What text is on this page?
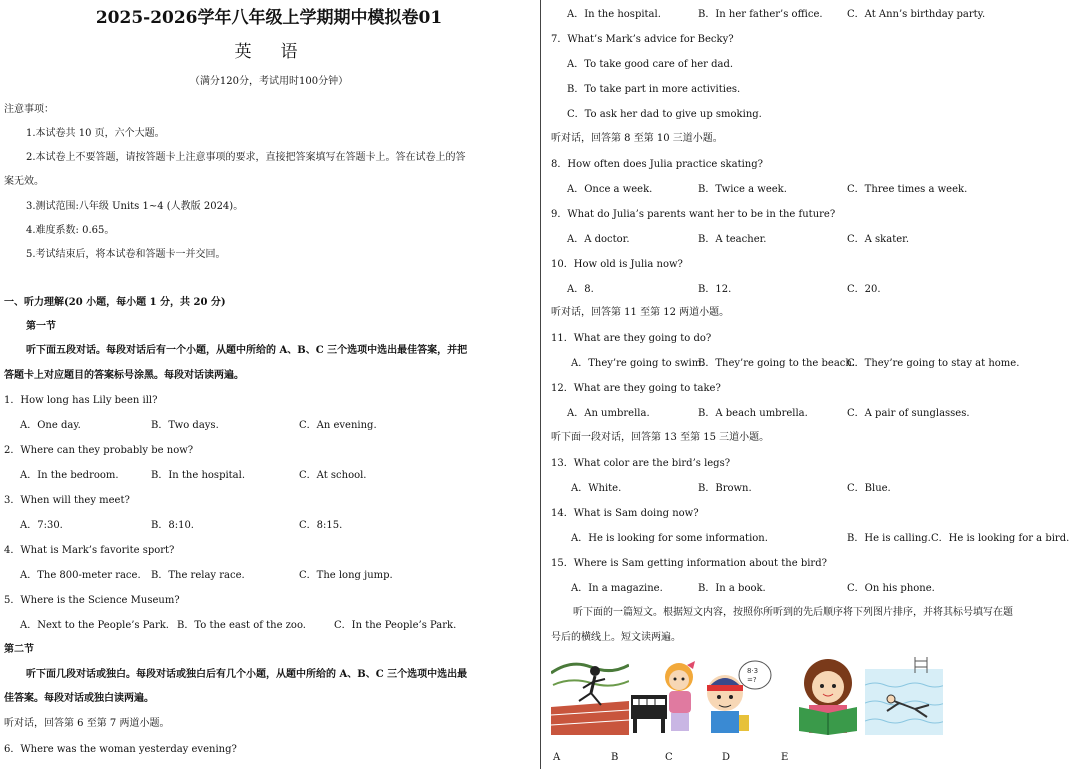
2025-2026学年八年级上学期期中模拟卷01
英　语
（满分120分，考试用时100分钟）
注意事项：
1.本试卷共 10 页，六个大题。
2.本试卷上不要答题，请按答题卡上注意事项的要求，直接把答案填写在答题卡上。答在试卷上的答
案无效。
3.测试范围:八年级 Units 1~4 (人教版 2024)。
4.难度系数: 0.65。
5.考试结束后，将本试卷和答题卡一并交回。
一、听力理解(20 小题，每小题 1 分，共 20 分)
第一节
听下面五段对话。每段对话后有一个小题，从题中所给的 A、B、C 三个选项中选出最佳答案，并把
答题卡上对应题目的答案标号涂黑。每段对话读两遍。
1．How long has Lily been ill?
A．One day.	B．Two days.	C．An evening.
2．Where can they probably be now?
A．In the bedroom.	B．In the hospital.	C．At school.
3．When will they meet?
A．7:30.	B．8:10.	C．8:15.
4．What is Mark’s favorite sport?
A．The 800-meter race. B．The relay race.	C．The long jump.
5．Where is the Science Museum?
A．Next to the People’s Park. B．To the east of the zoo.	C．In the People’s Park.
第二节
听下面几段对话或独白。每段对话或独白后有几个小题，从题中所给的 A、B、C 三个选项中选出最
佳答案。每段对话或独白读两遍。
听对话，回答第 6 至第 7 两道小题。
6．Where was the woman yesterday evening?
A．In the hospital.	B．In her father’s office. C．At Ann’s birthday party.
7．What’s Mark’s advice for Becky?
A．To take good care of her dad.
B．To take part in more activities.
C．To ask her dad to give up smoking.
听对话，回答第 8 至第 10 三道小题。
8．How often does Julia practice skating?
A．Once a week.	B．Twice a week.	C．Three times a week.
9．What do Julia’s parents want her to be in the future?
A．A doctor.	B．A teacher.	C．A skater.
10．How old is Julia now?
A．8.	B．12.	C．20.
听对话，回答第 11 至第 12 两道小题。
11．What are they going to do?
A．They’re going to swim.
B．They’re going to the beach.
C．They’re going to stay at home.
12．What are they going to take?
A．An umbrella.	B．A beach umbrella.	C．A pair of sunglasses.
听下面一段对话，回答第 13 至第 15 三道小题。
13．What color are the bird’s legs?
A．White.	B．Brown.	C．Blue.
14．What is Sam doing now?
A．He is looking for some information.	B．He is calling. C．He is looking for a bird.
15．Where is Sam getting information about the bird?
A．In a magazine.	B．In a book.	C．On his phone.
听下面的一篇短文。根据短文内容，按照你所听到的先后顺序将下列图片排序，并将其标号填写在题
号后的横线上。短文读两遍。
8·3
=?
A	B	C	D	E
